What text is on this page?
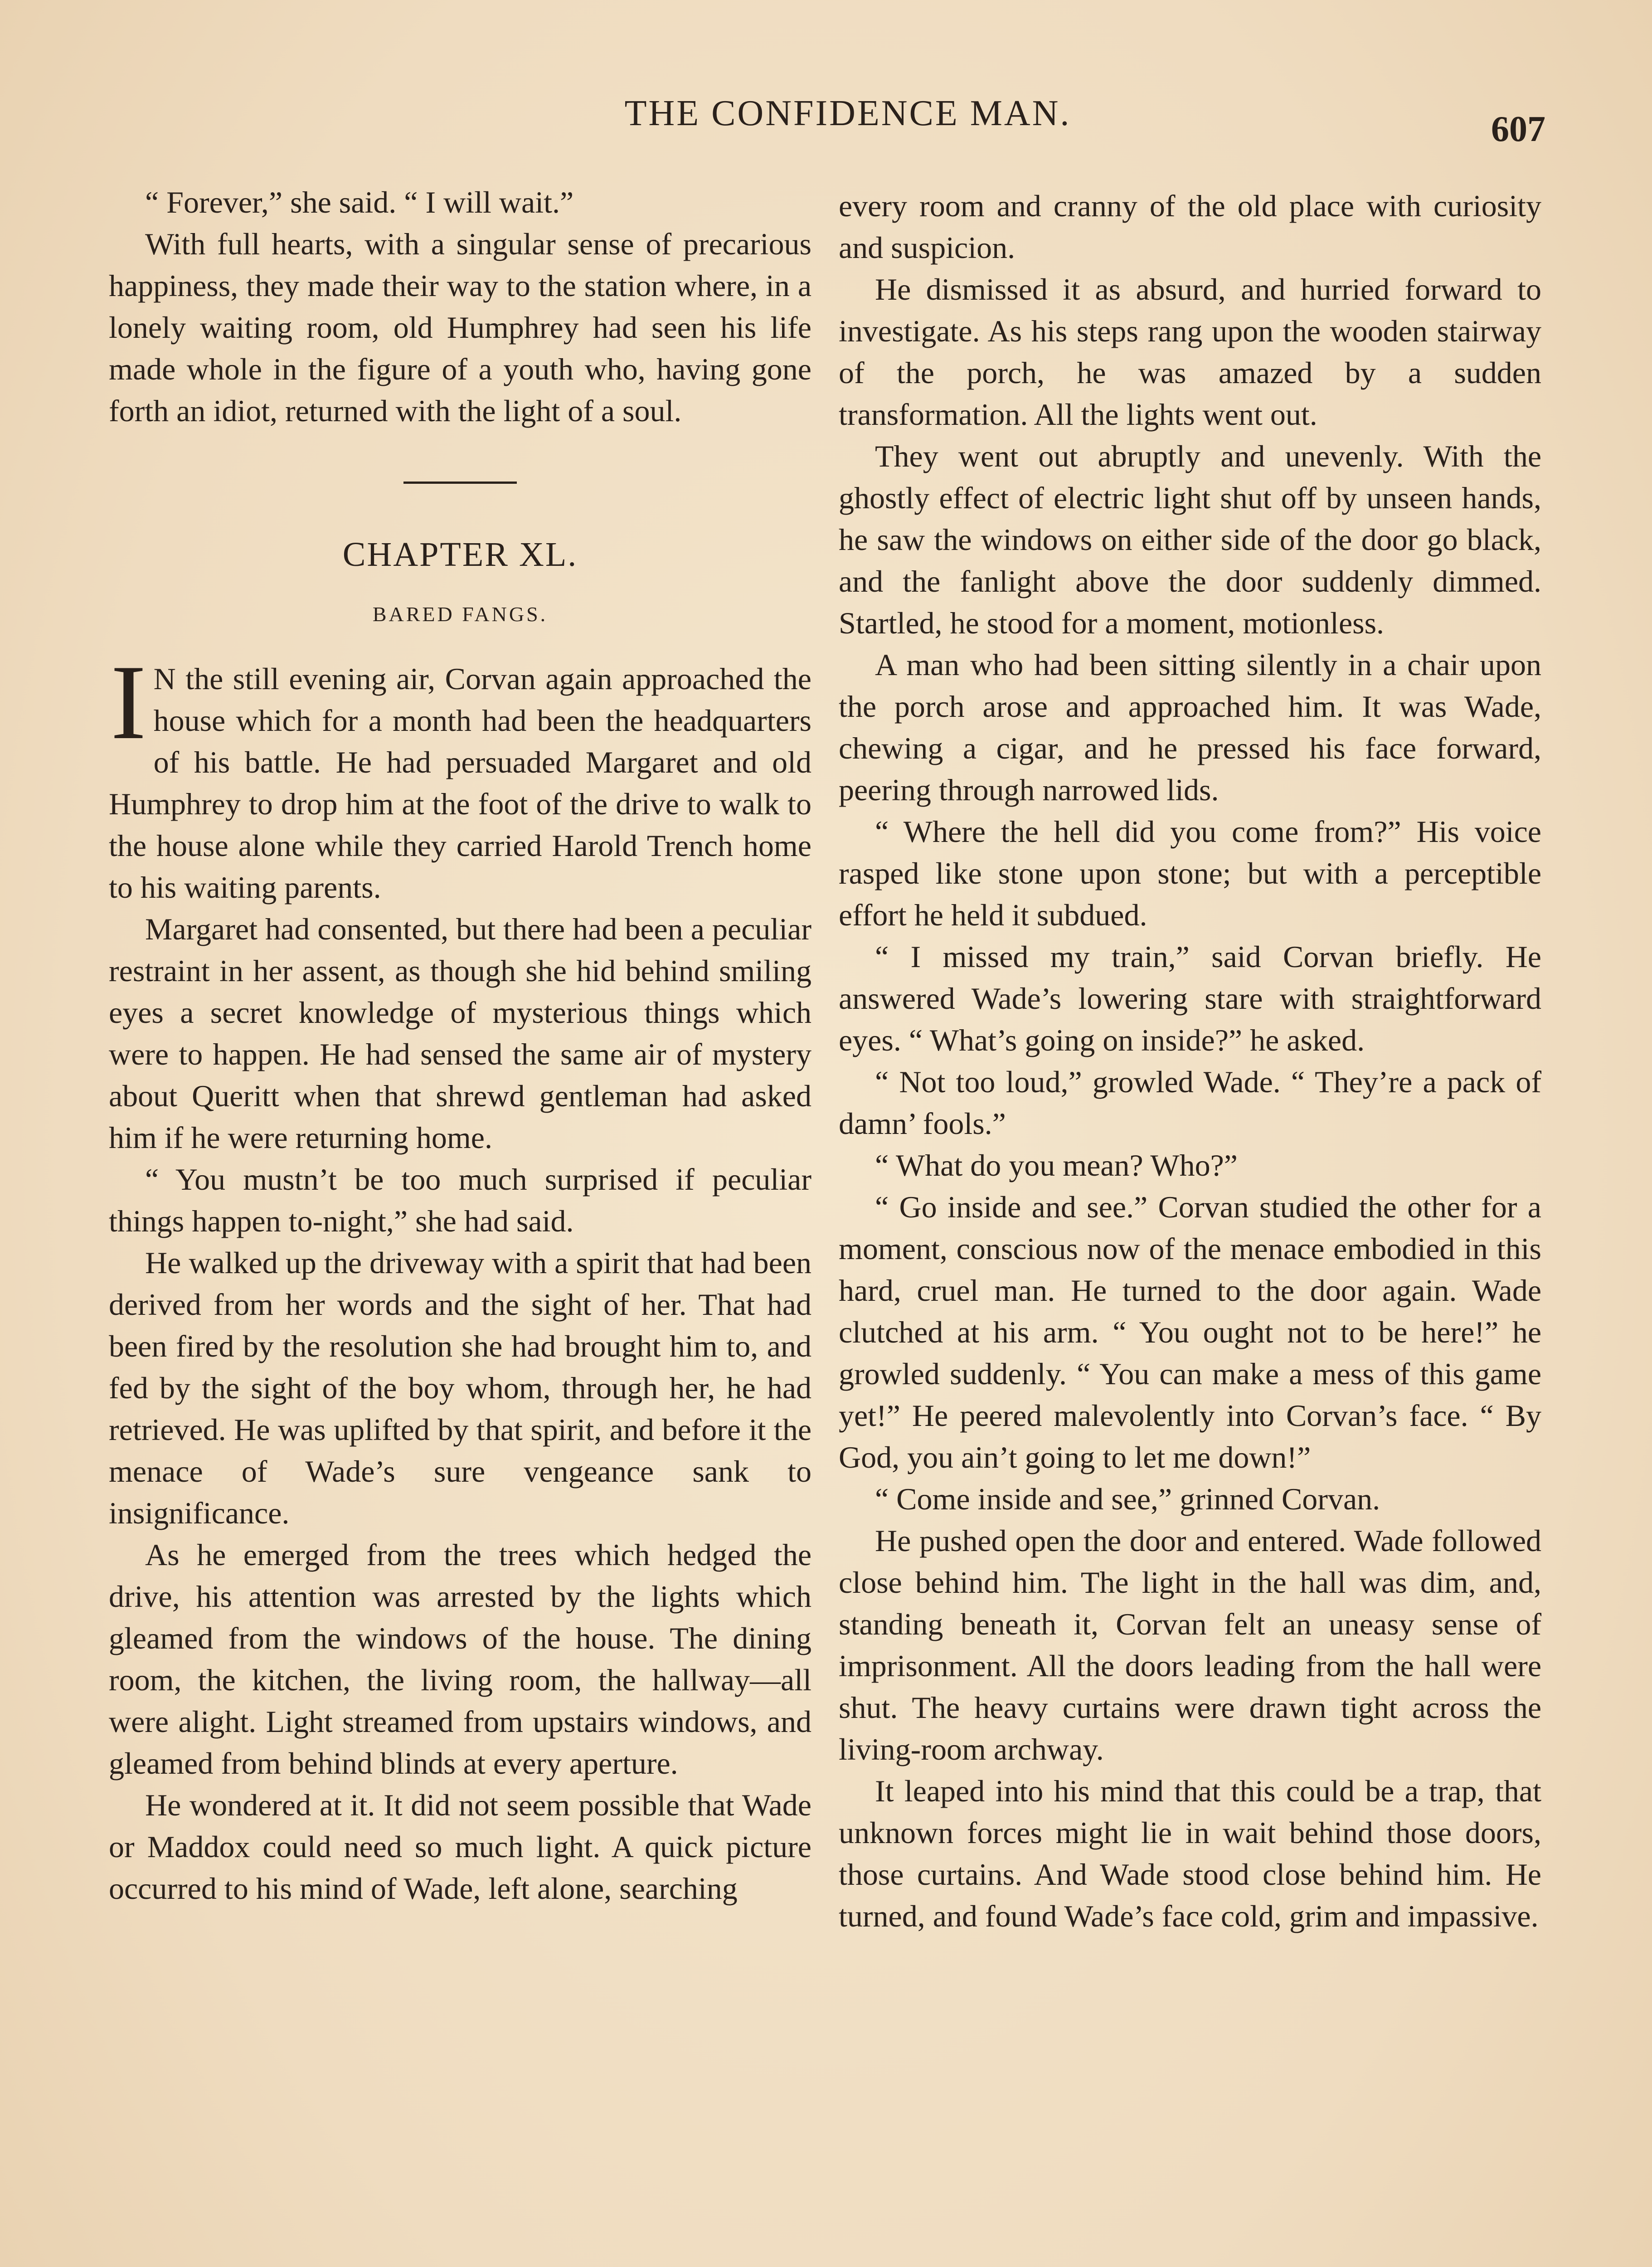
THE CONFIDENCE MAN.	607

“ Forever,” she said. “ I will wait.”

With full hearts, with a singular sense of precarious happiness, they made their way to the station where, in a lonely waiting room, old Humphrey had seen his life made whole in the figure of a youth who, having gone forth an idiot, returned with the light of a soul.

CHAPTER XL.
BARED FANGS.

I N the still evening air, Corvan again approached the house which for a month had been the headquarters of his battle. He had persuaded Margaret and old Humphrey to drop him at the foot of the drive to walk to the house alone while they carried Harold Trench home to his waiting parents.

Margaret had consented, but there had been a peculiar restraint in her assent, as though she hid behind smiling eyes a secret knowledge of mysterious things which were to happen. He had sensed the same air of mystery about Queritt when that shrewd gentleman had asked him if he were returning home.

“ You mustn’t be too much surprised if peculiar things happen to-night,” she had said.

He walked up the driveway with a spirit that had been derived from her words and the sight of her. That had been fired by the resolution she had brought him to, and fed by the sight of the boy whom, through her, he had retrieved. He was uplifted by that spirit, and before it the menace of Wade’s sure vengeance sank to insignificance.

As he emerged from the trees which hedged the drive, his attention was arrested by the lights which gleamed from the windows of the house. The dining room, the kitchen, the living room, the hallway—all were alight. Light streamed from upstairs windows, and gleamed from behind blinds at every aperture.

He wondered at it. It did not seem possible that Wade or Maddox could need so much light. A quick picture occurred to his mind of Wade, left alone, searching

every room and cranny of the old place with curiosity and suspicion.

He dismissed it as absurd, and hurried forward to investigate. As his steps rang upon the wooden stairway of the porch, he was amazed by a sudden transformation. All the lights went out.

They went out abruptly and unevenly. With the ghostly effect of electric light shut off by unseen hands, he saw the windows on either side of the door go black, and the fanlight above the door suddenly dimmed. Startled, he stood for a moment, motionless.

A man who had been sitting silently in a chair upon the porch arose and approached him. It was Wade, chewing a cigar, and he pressed his face forward, peering through narrowed lids.

“ Where the hell did you come from?” His voice rasped like stone upon stone; but with a perceptible effort he held it subdued.

“ I missed my train,” said Corvan briefly. He answered Wade’s lowering stare with straightforward eyes. “ What’s going on inside?” he asked.

“ Not too loud,” growled Wade. “ They’re a pack of damn’ fools.”

“ What do you mean? Who?”

“ Go inside and see.” Corvan studied the other for a moment, conscious now of the menace embodied in this hard, cruel man. He turned to the door again. Wade clutched at his arm. “ You ought not to be here!” he growled suddenly. “ You can make a mess of this game yet!” He peered malevolently into Corvan’s face. “ By God, you ain’t going to let me down!”

“ Come inside and see,” grinned Corvan.

He pushed open the door and entered. Wade followed close behind him. The light in the hall was dim, and, standing beneath it, Corvan felt an uneasy sense of imprisonment. All the doors leading from the hall were shut. The heavy curtains were drawn tight across the living-room archway.

It leaped into his mind that this could be a trap, that unknown forces might lie in wait behind those doors, those curtains. And Wade stood close behind him. He turned, and found Wade’s face cold, grim and impassive.
